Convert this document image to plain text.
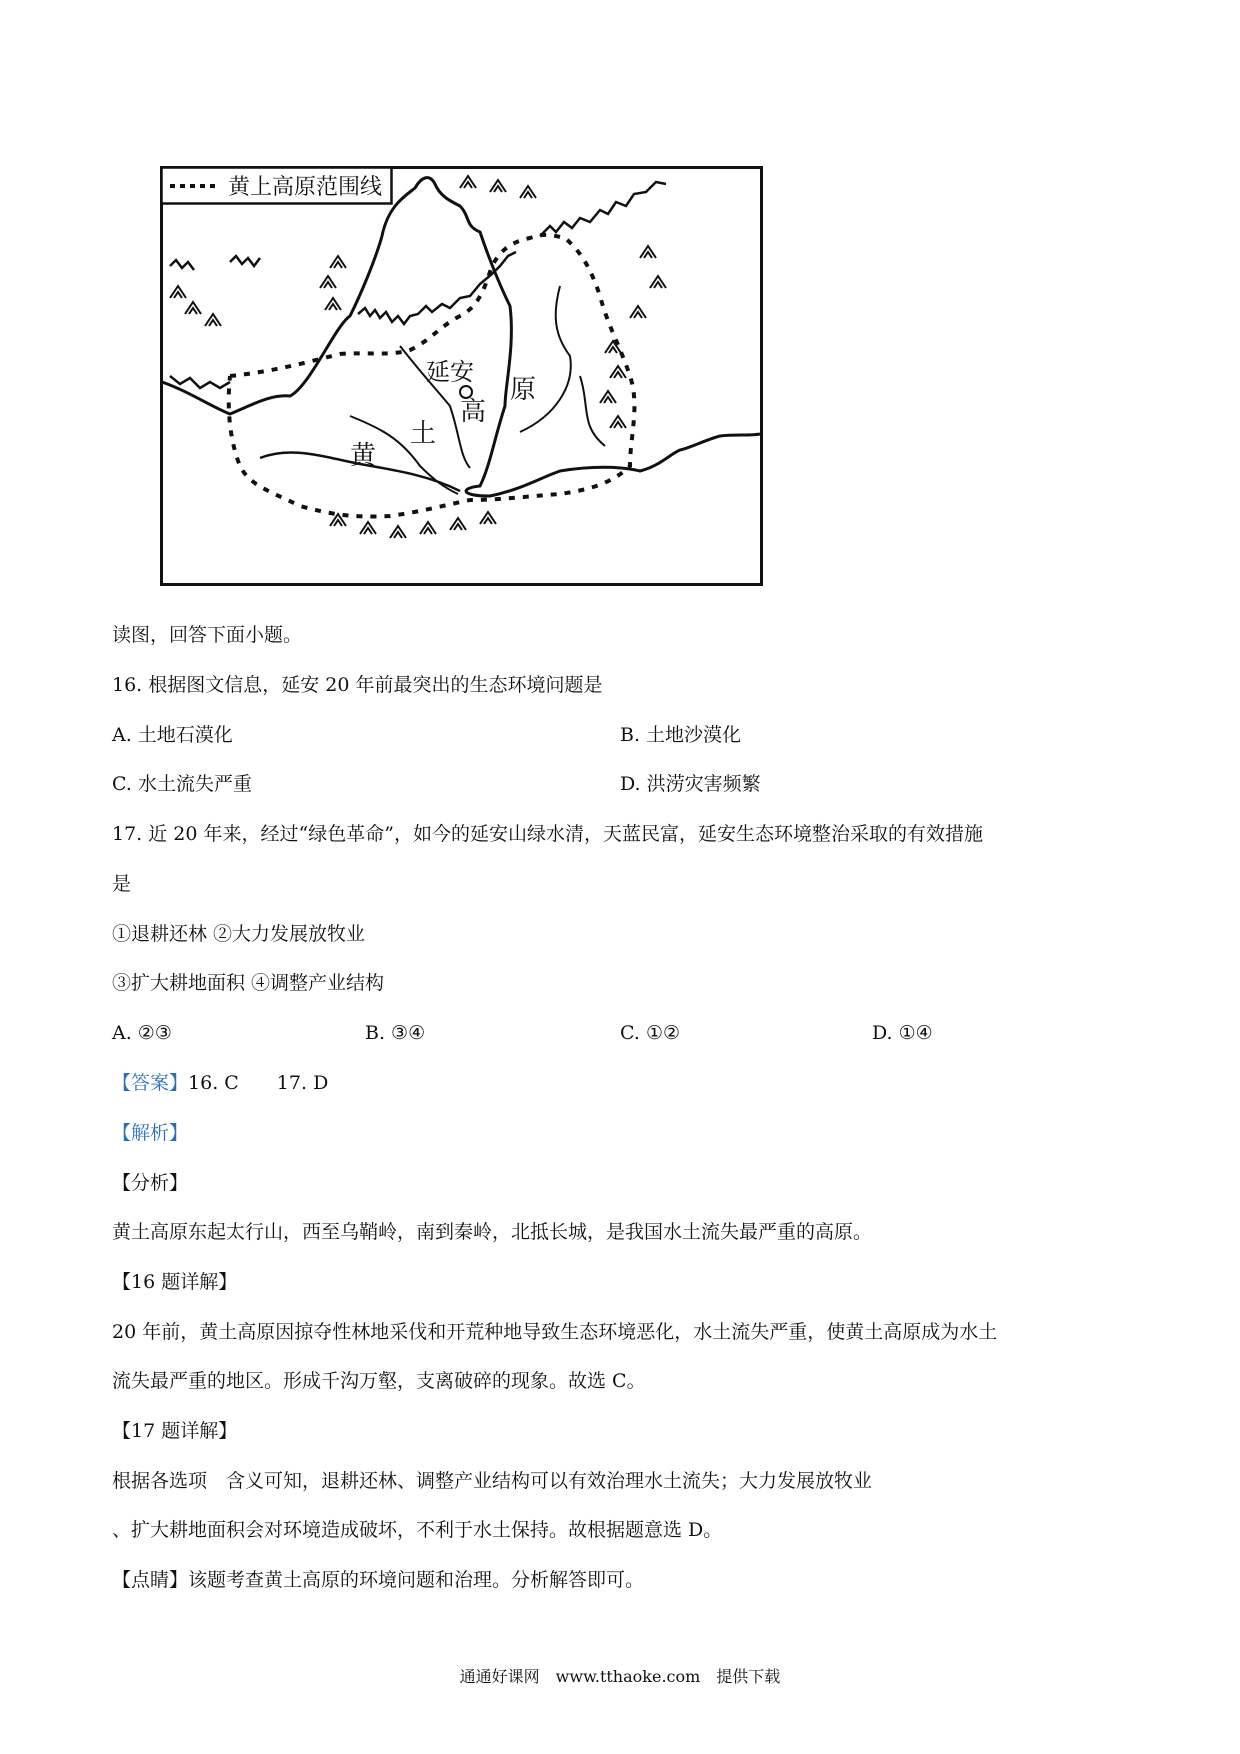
黄上高原范围线
延安
黄
土
高
原
读图，回答下面小题。
16. 根据图文信息，延安 20 年前最突出的生态环境问题是
A. 土地石漠化	B. 土地沙漠化
C. 水土流失严重	D. 洪涝灾害频繁
17. 近 20 年来，经过“绿色革命”，如今的延安山绿水清，天蓝民富，延安生态环境整治采取的有效措施
是
①退耕还林 ②大力发展放牧业
③扩大耕地面积 ④调整产业结构
A. ②③	B. ③④	C. ①②	D. ①④
【答案】16. C　　17. D
【解析】
【分析】
黄土高原东起太行山，西至乌鞘岭，南到秦岭，北抵长城，是我国水土流失最严重的高原。
【16 题详解】
20 年前，黄土高原因掠夺性林地采伐和开荒种地导致生态环境恶化，水土流失严重，使黄土高原成为水土
流失最严重的地区。形成千沟万壑，支离破碎的现象。故选 C。
【17 题详解】
根据各选项　含义可知，退耕还林、调整产业结构可以有效治理水土流失；大力发展放牧业
、扩大耕地面积会对环境造成破坏，不利于水土保持。故根据题意选 D。
【点睛】该题考查黄土高原的环境问题和治理。分析解答即可。
通通好课网　www.tthaoke.com　提供下载
